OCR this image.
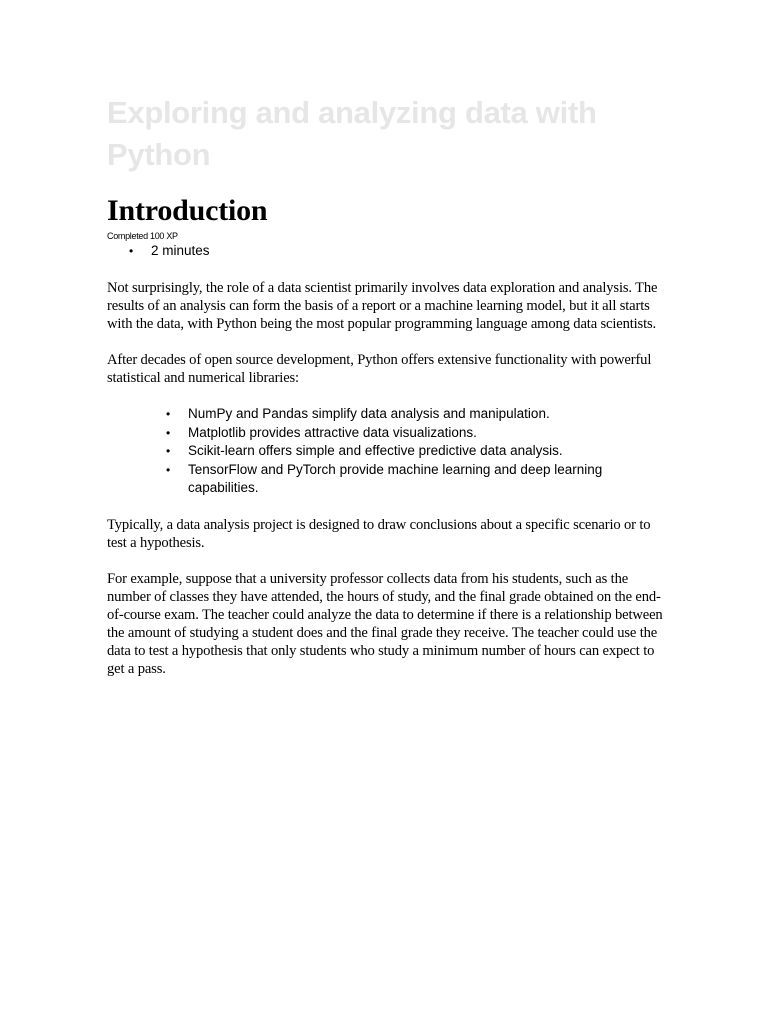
Exploring and analyzing data with Python
Introduction
Completed 100 XP
• 2 minutes

Not surprisingly, the role of a data scientist primarily involves data exploration and analysis. The results of an analysis can form the basis of a report or a machine learning model, but it all starts with the data, with Python being the most popular programming language among data scientists.

After decades of open source development, Python offers extensive functionality with powerful statistical and numerical libraries:

• NumPy and Pandas simplify data analysis and manipulation.
• Matplotlib provides attractive data visualizations.
• Scikit-learn offers simple and effective predictive data analysis.
• TensorFlow and PyTorch provide machine learning and deep learning capabilities.

Typically, a data analysis project is designed to draw conclusions about a specific scenario or to test a hypothesis.

For example, suppose that a university professor collects data from his students, such as the number of classes they have attended, the hours of study, and the final grade obtained on the end-of-course exam. The teacher could analyze the data to determine if there is a relationship between the amount of studying a student does and the final grade they receive. The teacher could use the data to test a hypothesis that only students who study a minimum number of hours can expect to get a pass.
